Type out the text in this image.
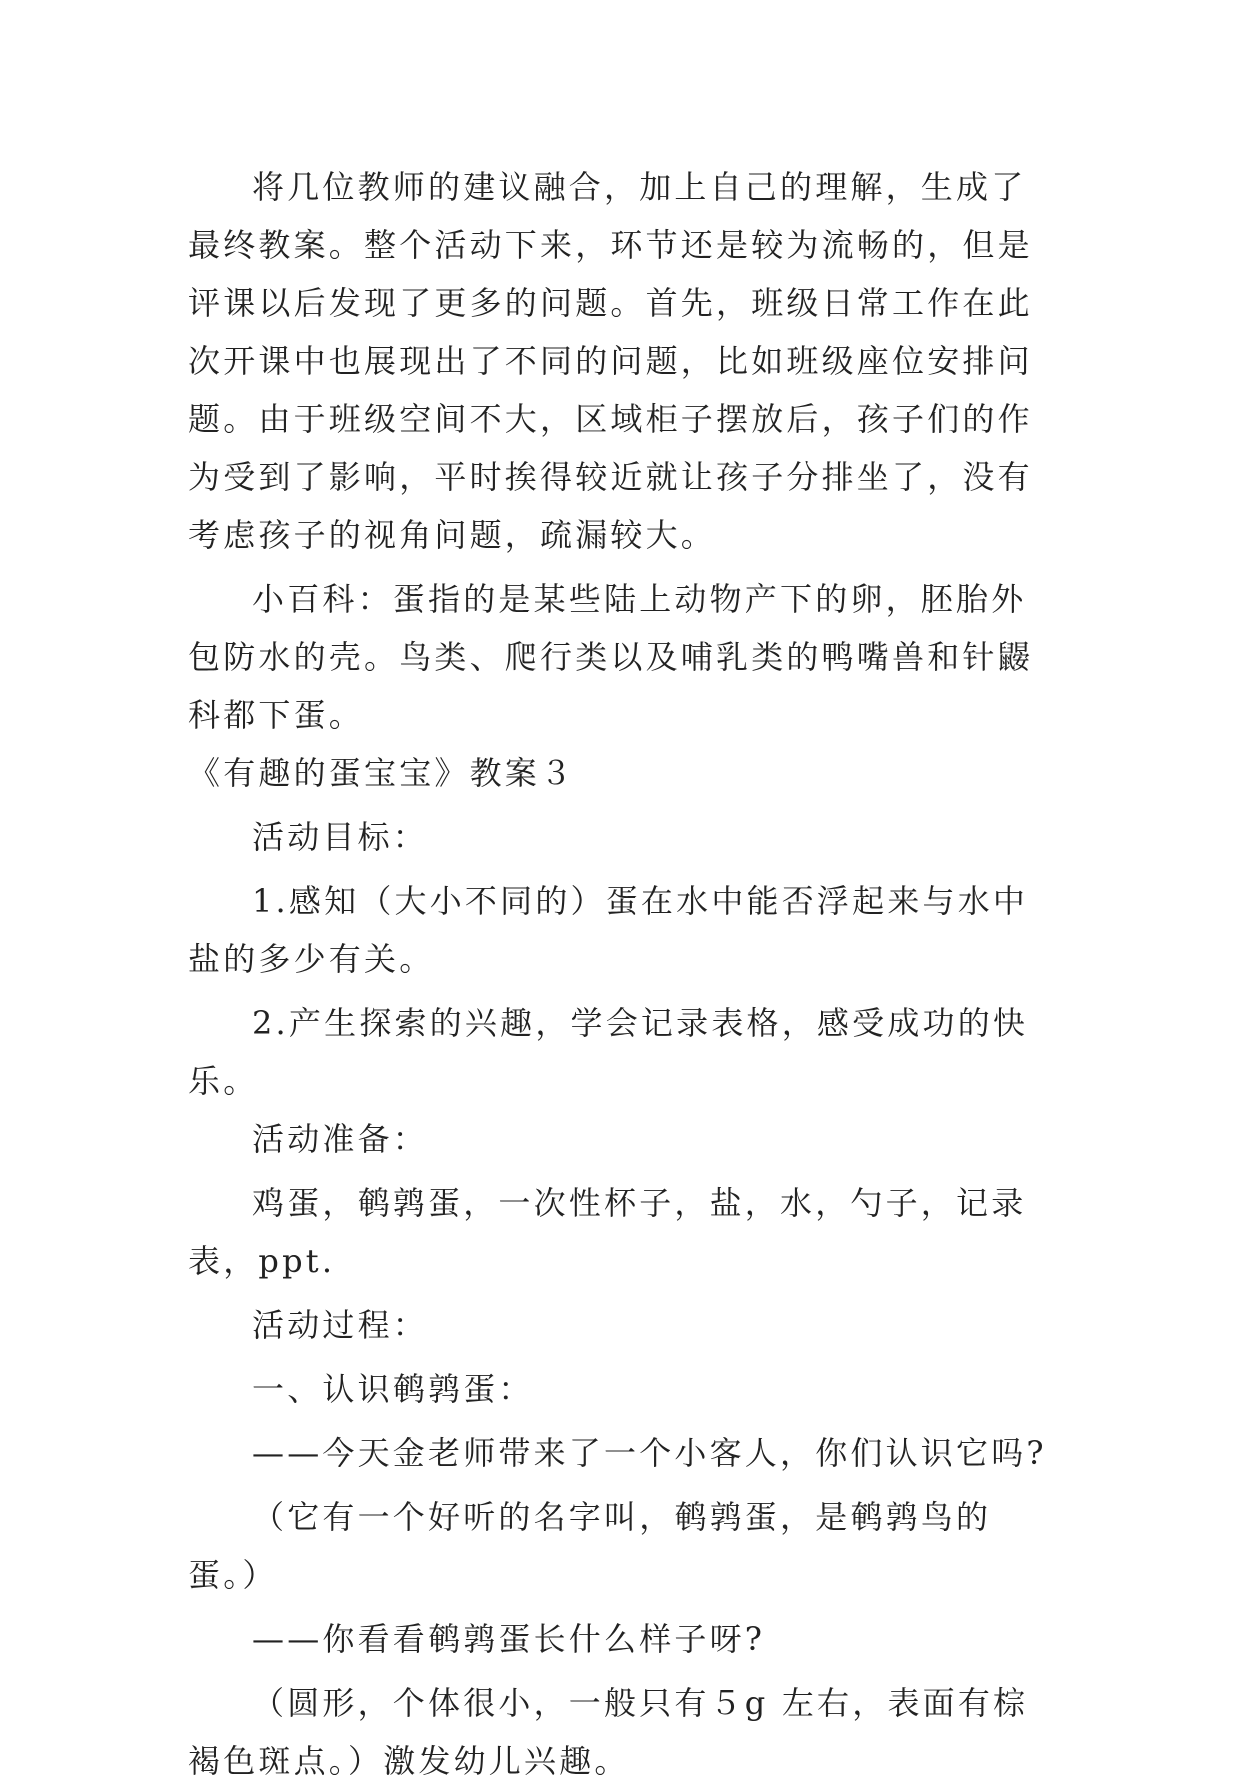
将几位教师的建议融合，加上自己的理解，生成了最终教案。整个活动下来，环节还是较为流畅的，但是评课以后发现了更多的问题。首先，班级日常工作在此次开课中也展现出了不同的问题，比如班级座位安排问题。由于班级空间不大，区域柜子摆放后，孩子们的作为受到了影响，平时挨得较近就让孩子分排坐了，没有考虑孩子的视角问题，疏漏较大。

小百科：蛋指的是某些陆上动物产下的卵，胚胎外包防水的壳。鸟类、爬行类以及哺乳类的鸭嘴兽和针鼹科都下蛋。

《有趣的蛋宝宝》教案３

活动目标：

1.感知（大小不同的）蛋在水中能否浮起来与水中盐的多少有关。

2.产生探索的兴趣，学会记录表格，感受成功的快乐。

活动准备：

鸡蛋，鹌鹑蛋，一次性杯子，盐，水，勺子，记录表，ppt.

活动过程：

一、认识鹌鹑蛋：

——今天金老师带来了一个小客人，你们认识它吗?

（它有一个好听的名字叫，鹌鹑蛋，是鹌鹑鸟的蛋。）

——你看看鹌鹑蛋长什么样子呀?

（圆形，个体很小，一般只有５g 左右，表面有棕褐色斑点。）激发幼儿兴趣。
